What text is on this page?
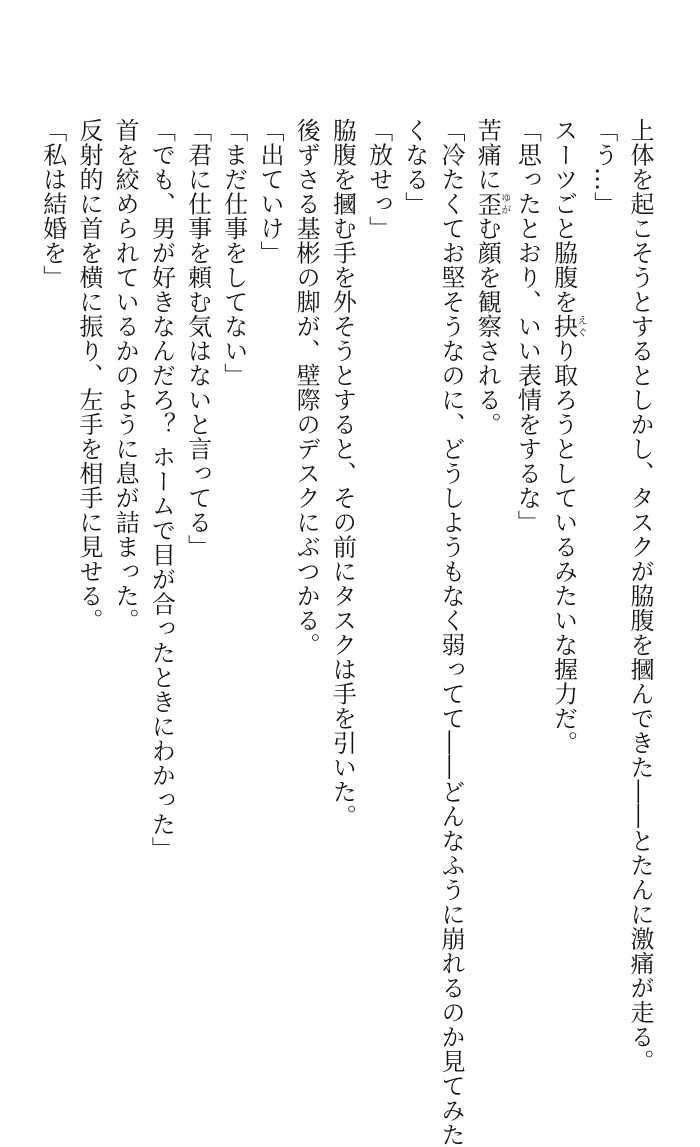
上体を起こそうとするとしかし、タスクが脇腹を摑んできた――とたんに激痛が走る。
「う…」
スーツごと脇腹を抉えぐり取ろうとしているみたいな握力だ。
「思ったとおり、いい表情をするな」
苦痛に歪ゆがむ顔を観察される。
「冷たくてお堅そうなのに、どうしようもなく弱ってて――どんなふうに崩れるのか見てみた
くなる」
「放せっ」
脇腹を摑む手を外そうとすると、その前にタスクは手を引いた。
後ずさる基彬の脚が、壁際のデスクにぶつかる。
「出ていけ」
「まだ仕事をしてない」
「君に仕事を頼む気はないと言ってる」
「でも、男が好きなんだろ？ ホームで目が合ったときにわかった」
首を絞められているかのように息が詰まった。
反射的に首を横に振り、左手を相手に見せる。
「私は結婚を」
